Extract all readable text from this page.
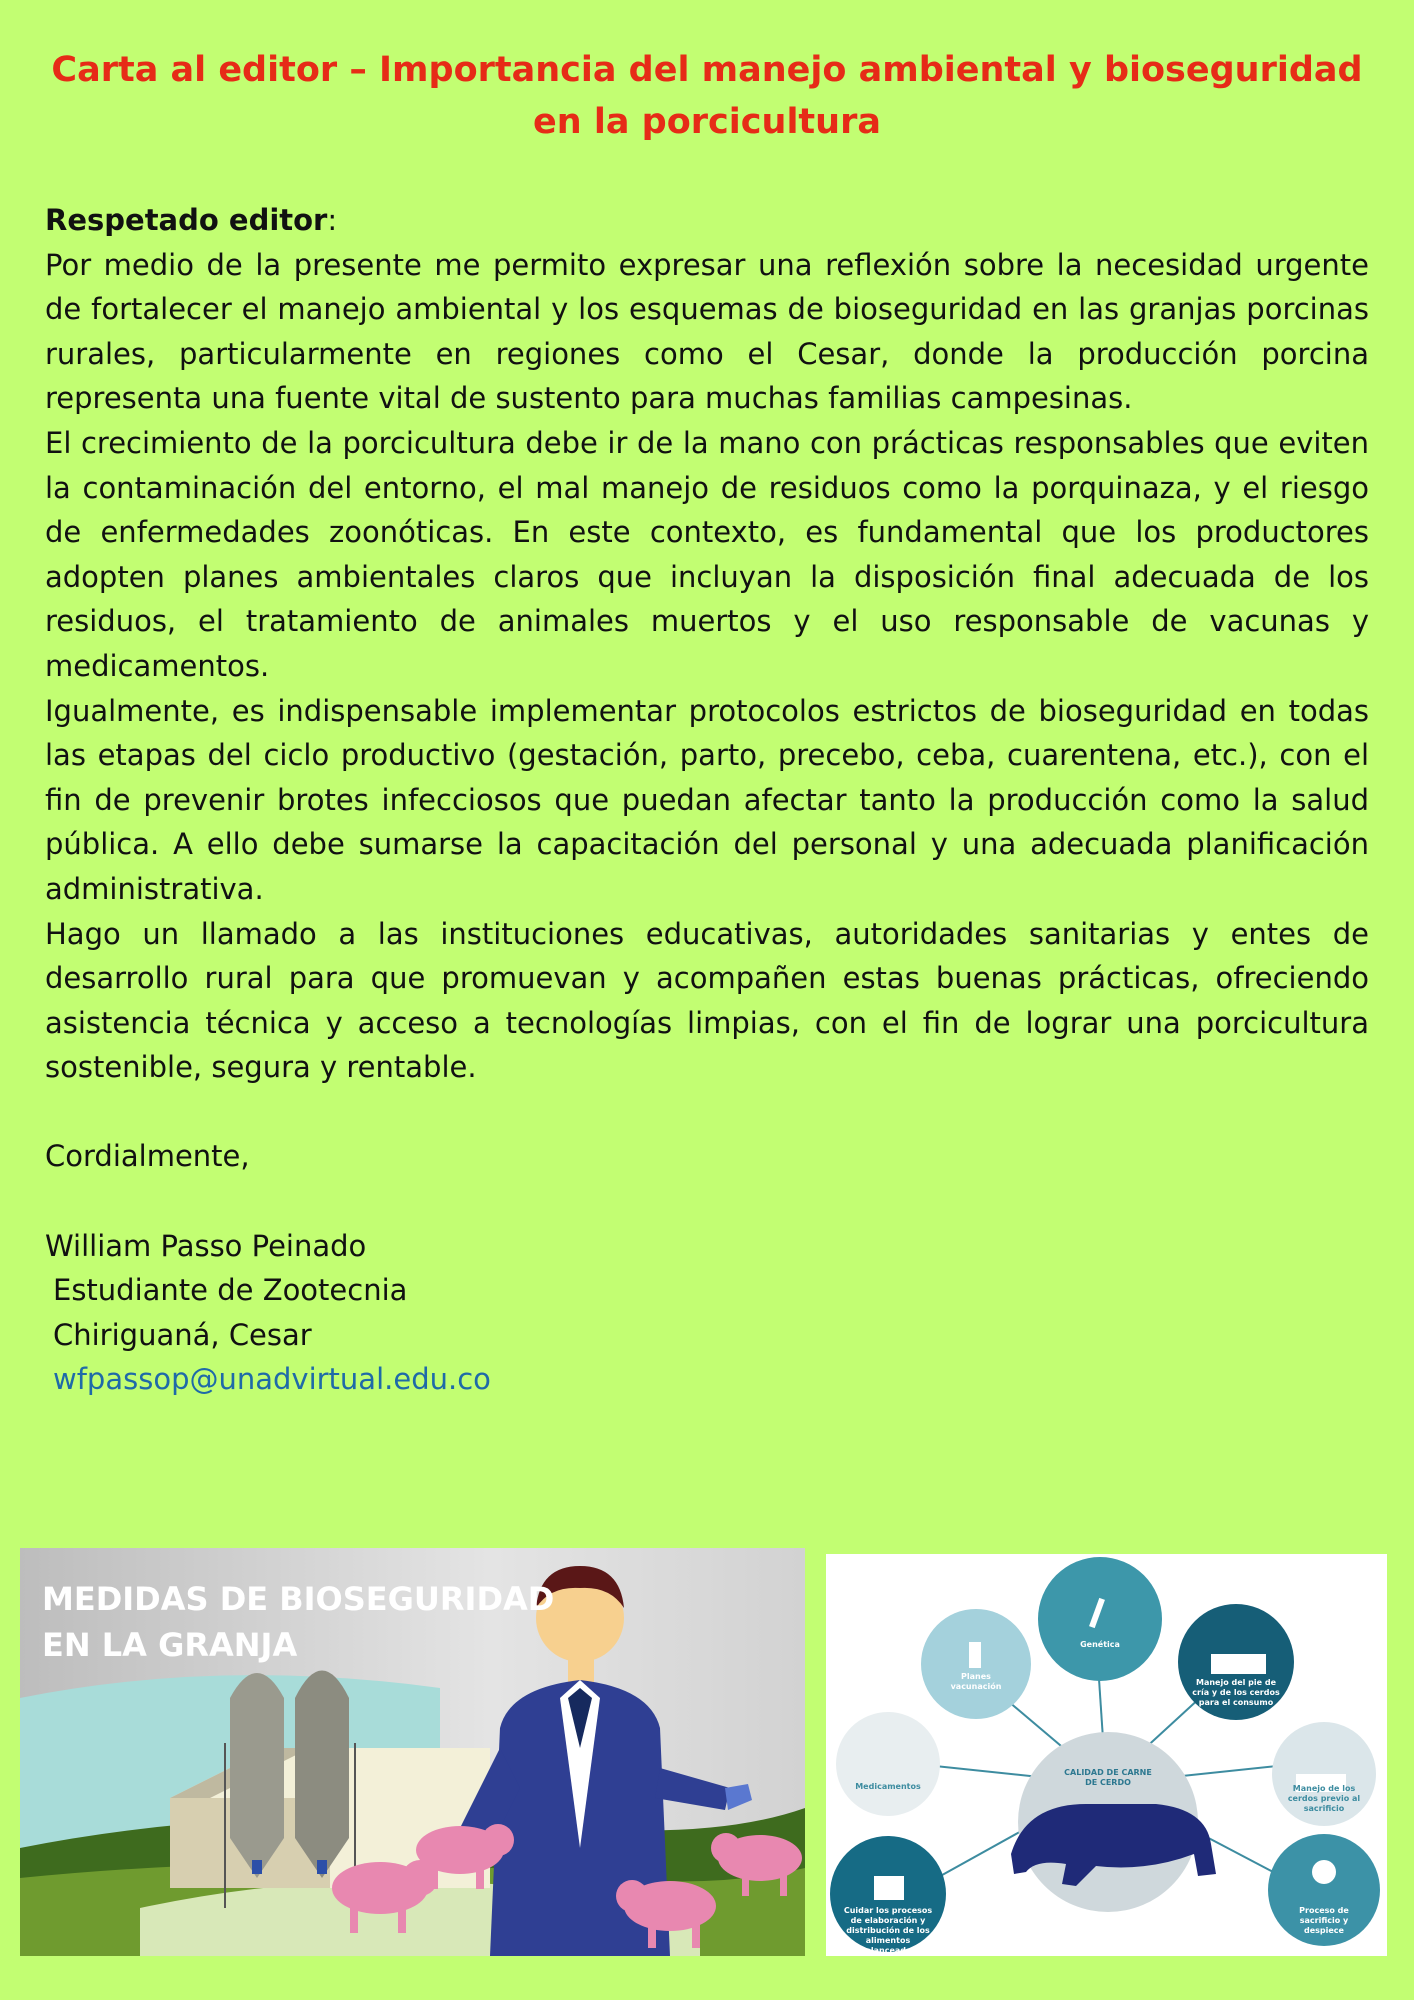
Carta al editor – Importancia del manejo ambiental y bioseguridad en la porcicultura

Respetado editor:

Por medio de la presente me permito expresar una reflexión sobre la necesidad urgente de fortalecer el manejo ambiental y los esquemas de bioseguridad en las granjas porcinas rurales, particularmente en regiones como el Cesar, donde la producción porcina representa una fuente vital de sustento para muchas familias campesinas.

El crecimiento de la porcicultura debe ir de la mano con prácticas responsables que eviten la contaminación del entorno, el mal manejo de residuos como la porquinaza, y el riesgo de enfermedades zoonóticas. En este contexto, es fundamental que los productores adopten planes ambientales claros que incluyan la disposición final adecuada de los residuos, el tratamiento de animales muertos y el uso responsable de vacunas y medicamentos.

Igualmente, es indispensable implementar protocolos estrictos de bioseguridad en todas las etapas del ciclo productivo (gestación, parto, precebo, ceba, cuarentena, etc.), con el fin de prevenir brotes infecciosos que puedan afectar tanto la producción como la salud pública. A ello debe sumarse la capacitación del personal y una adecuada planificación administrativa.

Hago un llamado a las instituciones educativas, autoridades sanitarias y entes de desarrollo rural para que promuevan y acompañen estas buenas prácticas, ofreciendo asistencia técnica y acceso a tecnologías limpias, con el fin de lograr una porcicultura sostenible, segura y rentable.

Cordialmente,

William Passo Peinado

Estudiante de Zootecnia

Chiriguaná, Cesar

wfpassop@unadvirtual.edu.co

MEDIDAS DE BIOSEGURIDAD
EN LA GRANJA
Planes vacunación
Genética
Manejo del pie de cría y de los cerdos para el consumo
Medicamentos	Manejo de los cerdos previo al sacrificio
Cuidar los procesos de elaboración y distribución de los alimentos balanceados
Proceso de sacrificio y despiece
CALIDAD DE CARNE DE CERDO
